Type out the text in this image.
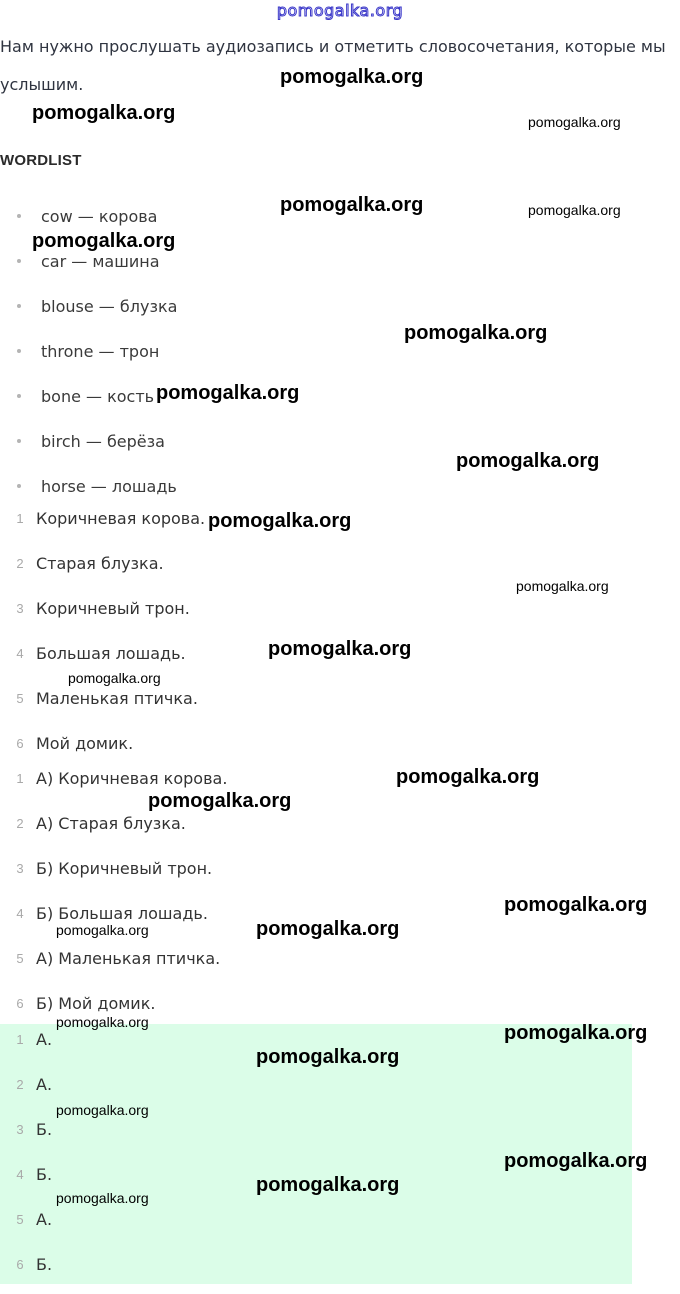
pomogalka.org

Нам нужно прослушать аудиозапись и отметить словосочетания, которые мы услышим.

WORDLIST
cow — корова
car — машина
blouse — блузка
throne — трон
bone — кость
birch — берёза
horse — лошадь
1 Коричневая корова.
2 Старая блузка.
3 Коричневый трон.
4 Большая лошадь.
5 Маленькая птичка.
6 Мой домик.
1 А) Коричневая корова.
2 А) Старая блузка.
3 Б) Коричневый трон.
4 Б) Большая лошадь.
5 А) Маленькая птичка.
6 Б) Мой домик.
1 А.
2 А.
3 Б.
4 Б.
5 А.
6 Б.
pomogalka.org
pomogalka.org	pomogalka.org
pomogalka.org	pomogalka.org
pomogalka.org
pomogalka.org
pomogalka.org
pomogalka.org
pomogalka.org
pomogalka.org
pomogalka.org
pomogalka.org
pomogalka.org
pomogalka.org
pomogalka.org
pomogalka.org
pomogalka.org
pomogalka.org	pomogalka.org
pomogalka.org
pomogalka.org
pomogalka.org
pomogalka.org
pomogalka.org
